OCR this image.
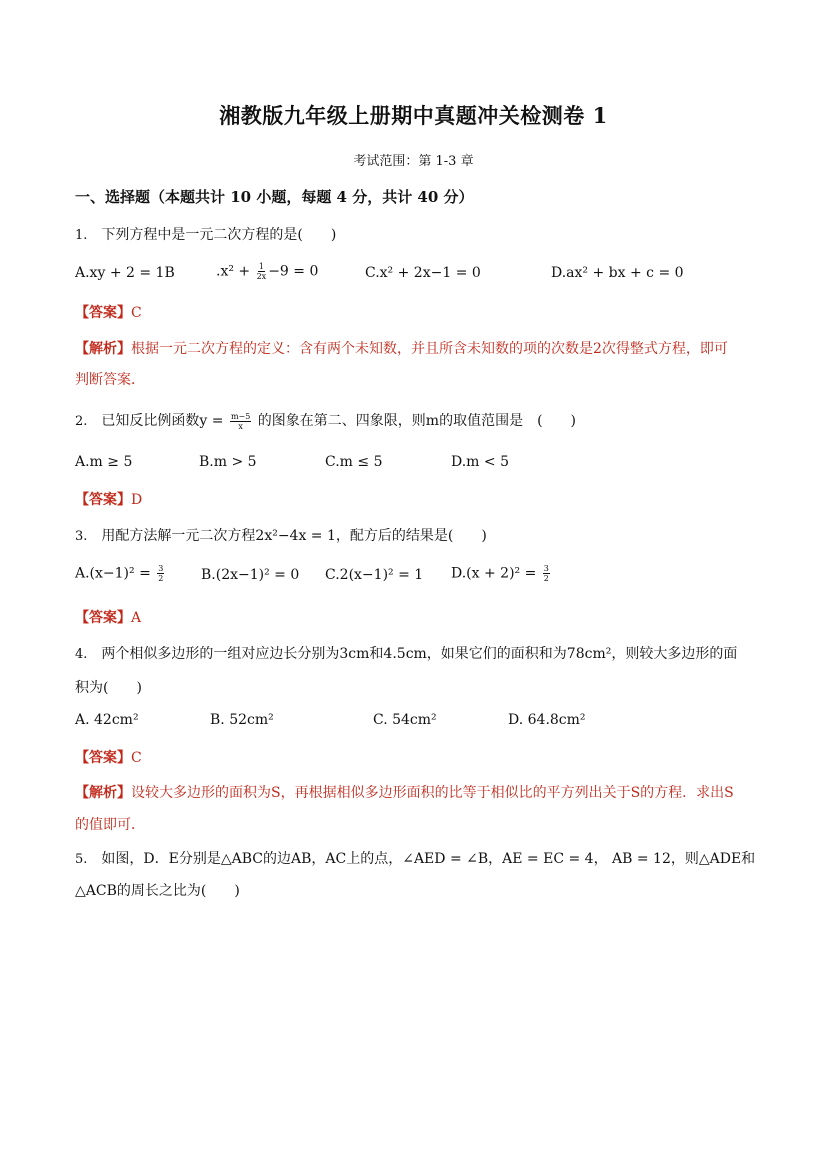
湘教版九年级上册期中真题冲关检测卷 1
考试范围：第 1-3 章
一、选择题（本题共计 10 小题，每题 4 分，共计 40 分）
1. 下列方程中是一元二次方程的是(　　)
A.xy + 2 = 1B	$.x^2 + \frac{1}{2x} -9 = 0$	C.x² + 2x−1 = 0	D.ax² + bx + c = 0
【答案】C
【解析】根据一元二次方程的定义：含有两个未知数，并且所含未知数的项的次数是2次得整式方程，即可
判断答案．
2. 已知反比例函数$y = \frac{m-5}{x}$ 的图象在第二、四象限，则m的取值范围是　(　　)
A.m ≥ 5	B.m > 5	C.m ≤ 5	D.m < 5
【答案】D
3. 用配方法解一元二次方程2x²−4x = 1，配方后的结果是(　　)
$A.(x-1)^2 = \frac{3}{2}$	B.(2x−1)² = 0 C.2(x−1)² = 1 $D.(x + 2)^2 = \frac{3}{2}$
【答案】A
4. 两个相似多边形的一组对应边长分别为3cm和4.5cm，如果它们的面积和为78cm²，则较大多边形的面
积为(　　)
A. 42cm²	B. 52cm²	C. 54cm²	D. 64.8cm²
【答案】C
【解析】设较大多边形的面积为S，再根据相似多边形面积的比等于相似比的平方列出关于S的方程．求出S
的值即可．
5. 如图，D．E分别是△ABC的边AB，AC上的点，∠AED = ∠B，AE = EC = 4， AB = 12，则△ADE和
△ACB的周长之比为(　　)
